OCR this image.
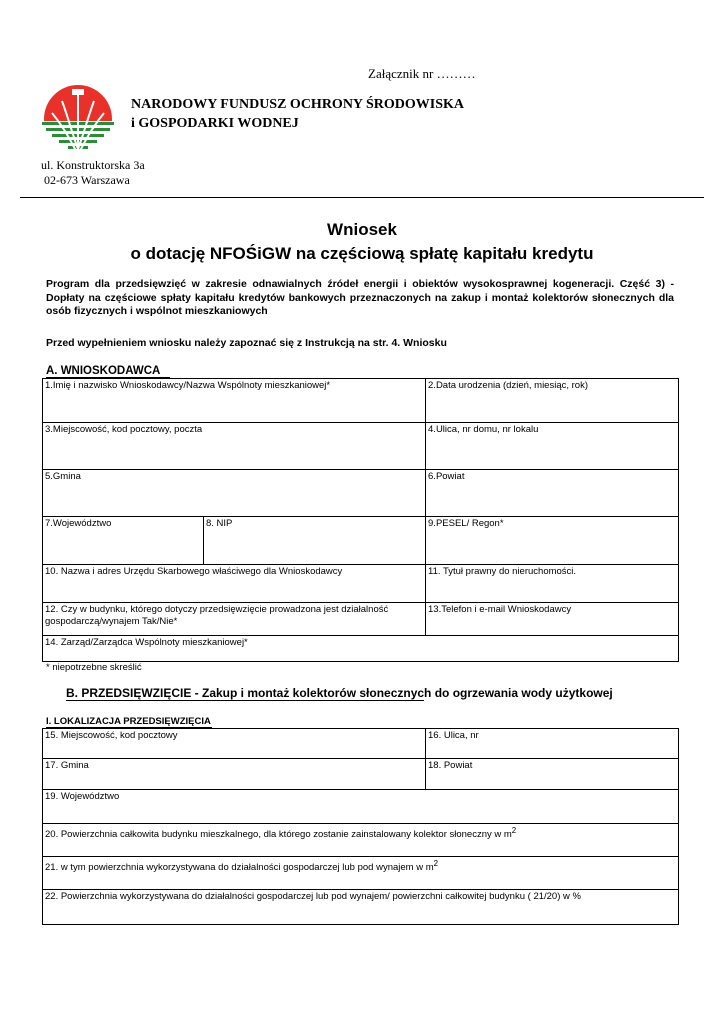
Załącznik nr ………
NARODOWY FUNDUSZ OCHRONY ŚRODOWISKA
i GOSPODARKI WODNEJ
ul. Konstruktorska 3a
02-673 Warszawa
Wniosek
o dotację NFOŚiGW na częściową spłatę kapitału kredytu
Program dla przedsięwzięć w zakresie odnawialnych źródeł energii i obiektów wysokosprawnej kogeneracji. Część 3) - Dopłaty na częściowe spłaty kapitału kredytów bankowych przeznaczonych na zakup i montaż kolektorów słonecznych dla osób fizycznych i wspólnot mieszkaniowych
Przed wypełnieniem wniosku należy zapoznać się z Instrukcją na str. 4. Wniosku
A. WNIOSKODAWCA
1.Imię i nazwisko Wnioskodawcy/Nazwa Wspólnoty mieszkaniowej*		2.Data urodzenia (dzień, miesiąc, rok)
3.Miejscowość, kod pocztowy, poczta		4.Ulica, nr domu, nr lokalu
5.Gmina		6.Powiat
7.Województwo	8. NIP	9.PESEL/ Regon*
10. Nazwa i adres Urzędu Skarbowego właściwego dla Wnioskodawcy		11. Tytuł prawny do nieruchomości.
12. Czy w budynku, którego dotyczy przedsięwzięcie prowadzona jest działalność gospodarczą/wynajem Tak/Nie*		13.Telefon i e-mail Wnioskodawcy
14. Zarząd/Zarządca Wspólnoty mieszkaniowej*		
* niepotrzebne skreślić
B. PRZEDSIĘWZIĘCIE - Zakup i montaż kolektorów słonecznych do ogrzewania wody użytkowej
I. LOKALIZACJA PRZEDSIĘWZIĘCIA
15. Miejscowość, kod pocztowy	16. Ulica, nr
17. Gmina	18. Powiat
19. Województwo	
20. Powierzchnia całkowita budynku mieszkalnego, dla którego zostanie zainstalowany kolektor słoneczny w $m^2$
21. w tym powierzchnia wykorzystywana do działalności gospodarczej lub pod wynajem w $m^2$
22. Powierzchnia wykorzystywana do działalności gospodarczej lub pod wynajem/ powierzchni całkowitej budynku ( 21/20) w %	
